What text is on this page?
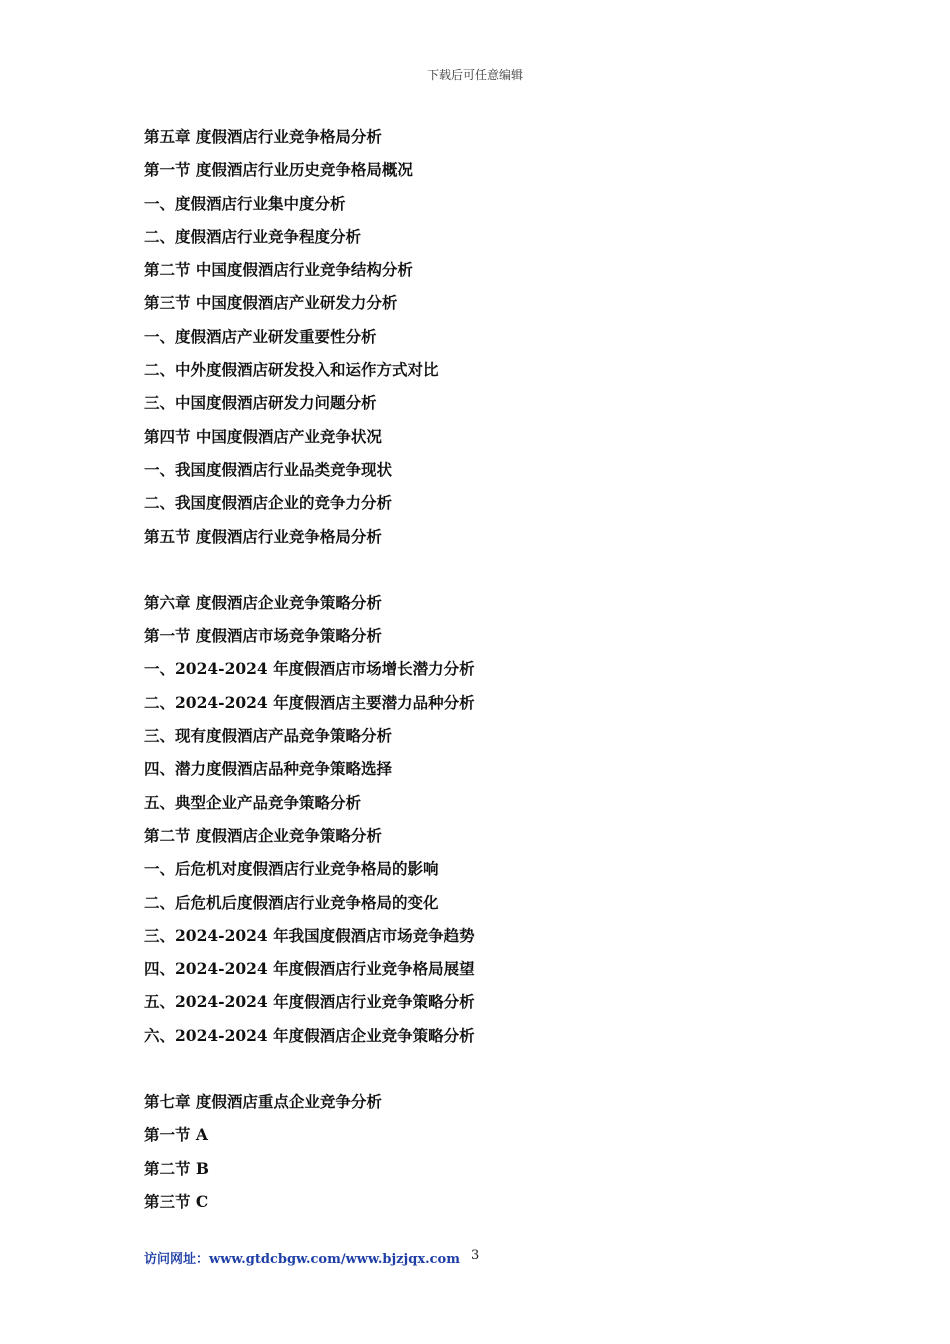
下载后可任意编辑
第五章 度假酒店行业竞争格局分析
第一节 度假酒店行业历史竞争格局概况
一、度假酒店行业集中度分析
二、度假酒店行业竞争程度分析
第二节 中国度假酒店行业竞争结构分析
第三节 中国度假酒店产业研发力分析
一、度假酒店产业研发重要性分析
二、中外度假酒店研发投入和运作方式对比
三、中国度假酒店研发力问题分析
第四节 中国度假酒店产业竞争状况
一、我国度假酒店行业品类竞争现状
二、我国度假酒店企业的竞争力分析
第五节 度假酒店行业竞争格局分析
第六章 度假酒店企业竞争策略分析
第一节 度假酒店市场竞争策略分析
一、2024-2024 年度假酒店市场增长潜力分析
二、2024-2024 年度假酒店主要潜力品种分析
三、现有度假酒店产品竞争策略分析
四、潜力度假酒店品种竞争策略选择
五、典型企业产品竞争策略分析
第二节 度假酒店企业竞争策略分析
一、后危机对度假酒店行业竞争格局的影响
二、后危机后度假酒店行业竞争格局的变化
三、2024-2024 年我国度假酒店市场竞争趋势
四、2024-2024 年度假酒店行业竞争格局展望
五、2024-2024 年度假酒店行业竞争策略分析
六、2024-2024 年度假酒店企业竞争策略分析
第七章 度假酒店重点企业竞争分析
第一节 A
第二节 B
第三节 C
访问网址：www.gtdcbgw.com/www.bjzjqx.com 3
